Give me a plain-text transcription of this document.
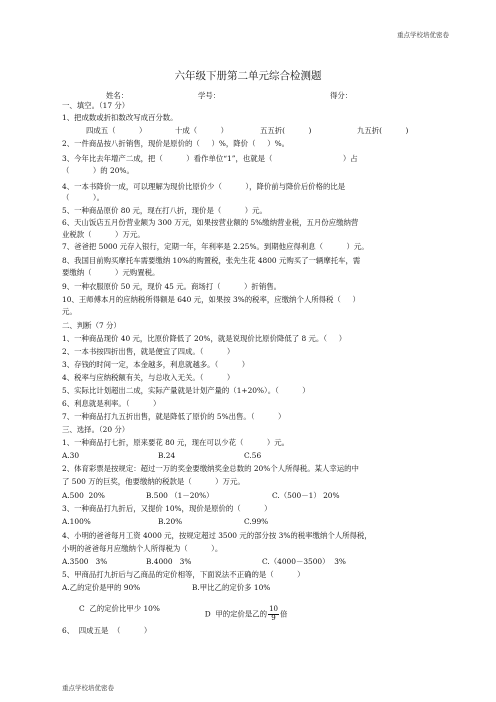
重点学校培优密卷
六年级下册第二单元综合检测题
姓名：	学号：	得分：
一、填空。（17 分）
1、把成数或折扣数改写成百分数。
四成五（          ）	十成（          ）	五五折(          )	九五折(          )
2、一件商品按八折销售，现价是原价的（     ）%，降价（     ）%。
3、今年比去年增产二成，把（          ）看作单位“1”，也就是（                              ）占
（          ）的 20%。
4、一本书降价一成，可以理解为现价比原价少（          ），降价前与降价后价格的比是
（          ）。
5、一种商品原价 80 元，现在打八折，现价是（          ）元。
6、天山饭店五月份营业额为 300 万元，如果按营业额的 5%缴纳营业税，五月份应缴纳营
业税款（          ）万元。
7、爸爸把 5000 元存入银行，定期一年，年利率是 2.25%。到期他应得利息（          ）元。
8、我国目前购买摩托车需要缴纳 10%的购置税，张先生花 4800 元购买了一辆摩托车，需
要缴纳（          ）元购置税。
9、一种衣服原价 50 元，现价 45 元。商场打（          ）折销售。
10、王师傅本月的应纳税所得额是 640 元，如果按 3%的税率，应缴纳个人所得税（     ）
元。
二、判断（7 分）
1、一种商品现价 40 元，比原价降低了 20%，就是说现价比原价降低了 8 元。（     ）
2、一本书按四折出售，就是便宜了四成。（          ）
3、存钱的时间一定，本金越多，利息就越多。（          ）
4、税率与应纳税额有关，与总收入无关。（          ）
5、实际比计划超出二成，实际产量就是计划产量的（1+20%）。（          ）
6、利息就是利率。（          ）
7、一种商品打九五折出售，就是降低了原价的 5%出售。（          ）
三、选择。（20 分）
1、一种商品打七折，原来要花 80 元，现在可以少花（          ）元。
A.30	B.24	C.56
2、体育彩票是按规定：超过一万的奖金要缴纳奖金总数的 20%个人所得税。某人幸运的中
了 500 万的巨奖，他要缴纳的税款是（          ）万元。
A.500  20%	B.500 （1－20%）	C.（500－1） 20%
3、一种商品打九折后，又提价 10%，现价是原价的（          ）
A.100%	B.20%	C.99%
4、小明的爸爸每月工资 4000 元，按规定超过 3500 元的部分按 3%的税率缴纳个人所得税，
小明的爸爸每月应缴纳个人所得税为（          ）。
A.3500   3%	B.4000   3%	C.（4000－3500）  3%
5、甲商品打九折后与乙商品的定价相等，下面说法不正确的是（          ）
A.乙的定价是甲的 90%	B.甲比乙的定价多 10%
C  乙的定价比甲少 10%

D  甲的定价是乙的 $\frac{10}{9}$ 倍

6、  四成五是  （          ）
重点学校培优密卷
